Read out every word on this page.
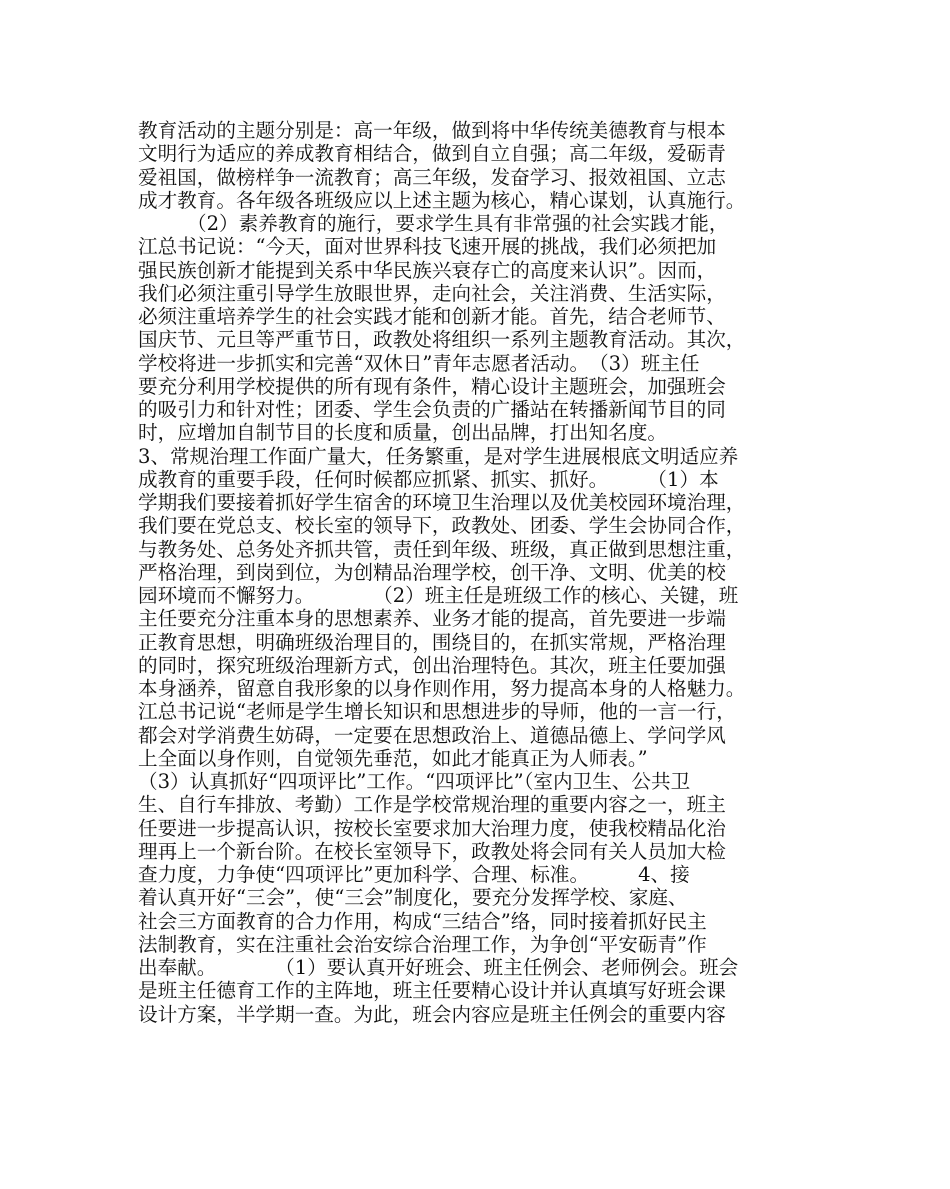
教育活动的主题分别是：高一年级，做到将中华传统美德教育与根本
文明行为适应的养成教育相结合，做到自立自强；高二年级，爱砺青
爱祖国，做榜样争一流教育；高三年级，发奋学习、报效祖国、立志
成才教育。各年级各班级应以上述主题为核心，精心谋划，认真施行。
　　　（2）素养教育的施行，要求学生具有非常强的社会实践才能，
江总书记说：“今天，面对世界科技飞速开展的挑战，我们必须把加
强民族创新才能提到关系中华民族兴衰存亡的高度来认识”。因而，
我们必须注重引导学生放眼世界，走向社会，关注消费、生活实际，
必须注重培养学生的社会实践才能和创新才能。首先，结合老师节、
国庆节、元旦等严重节日，政教处将组织一系列主题教育活动。其次，
学校将进一步抓实和完善“双休日”青年志愿者活动。　（3）班主任
要充分利用学校提供的所有现有条件，精心设计主题班会，加强班会
的吸引力和针对性；团委、学生会负责的广播站在转播新闻节目的同
时，应增加自制节目的长度和质量，创出品牌，打出知名度。
3、常规治理工作面广量大，任务繁重，是对学生进展根底文明适应养
成教育的重要手段，任何时候都应抓紧、抓实、抓好。　　　（1）本
学期我们要接着抓好学生宿舍的环境卫生治理以及优美校园环境治理，
我们要在党总支、校长室的领导下，政教处、团委、学生会协同合作，
与教务处、总务处齐抓共管，责任到年级、班级，真正做到思想注重，
严格治理，到岗到位，为创精品治理学校，创干净、文明、优美的校
园环境而不懈努力。　　　　（2）班主任是班级工作的核心、关键，班
主任要充分注重本身的思想素养、业务才能的提高，首先要进一步端
正教育思想，明确班级治理目的，围绕目的，在抓实常规，严格治理
的同时，探究班级治理新方式，创出治理特色。其次，班主任要加强
本身涵养，留意自我形象的以身作则作用，努力提高本身的人格魅力。
江总书记说“老师是学生增长知识和思想进步的导师，他的一言一行，
都会对学消费生妨碍，一定要在思想政治上、道德品德上、学问学风
上全面以身作则，自觉领先垂范，如此才能真正为人师表。”
（3）认真抓好“四项评比”工作。“四项评比”（室内卫生、公共卫
生、自行车排放、考勤）工作是学校常规治理的重要内容之一，班主
任要进一步提高认识，按校长室要求加大治理力度，使我校精品化治
理再上一个新台阶。在校长室领导下，政教处将会同有关人员加大检
查力度，力争使“四项评比”更加科学、合理、标准。　　　4、接
着认真开好“三会”，使“三会”制度化，要充分发挥学校、家庭、
社会三方面教育的合力作用，构成“三结合”络，同时接着抓好民主
法制教育，实在注重社会治安综合治理工作，为争创“平安砺青”作
出奉献。　　　　（1）要认真开好班会、班主任例会、老师例会。班会
是班主任德育工作的主阵地，班主任要精心设计并认真填写好班会课
设计方案，半学期一查。为此，班会内容应是班主任例会的重要内容
